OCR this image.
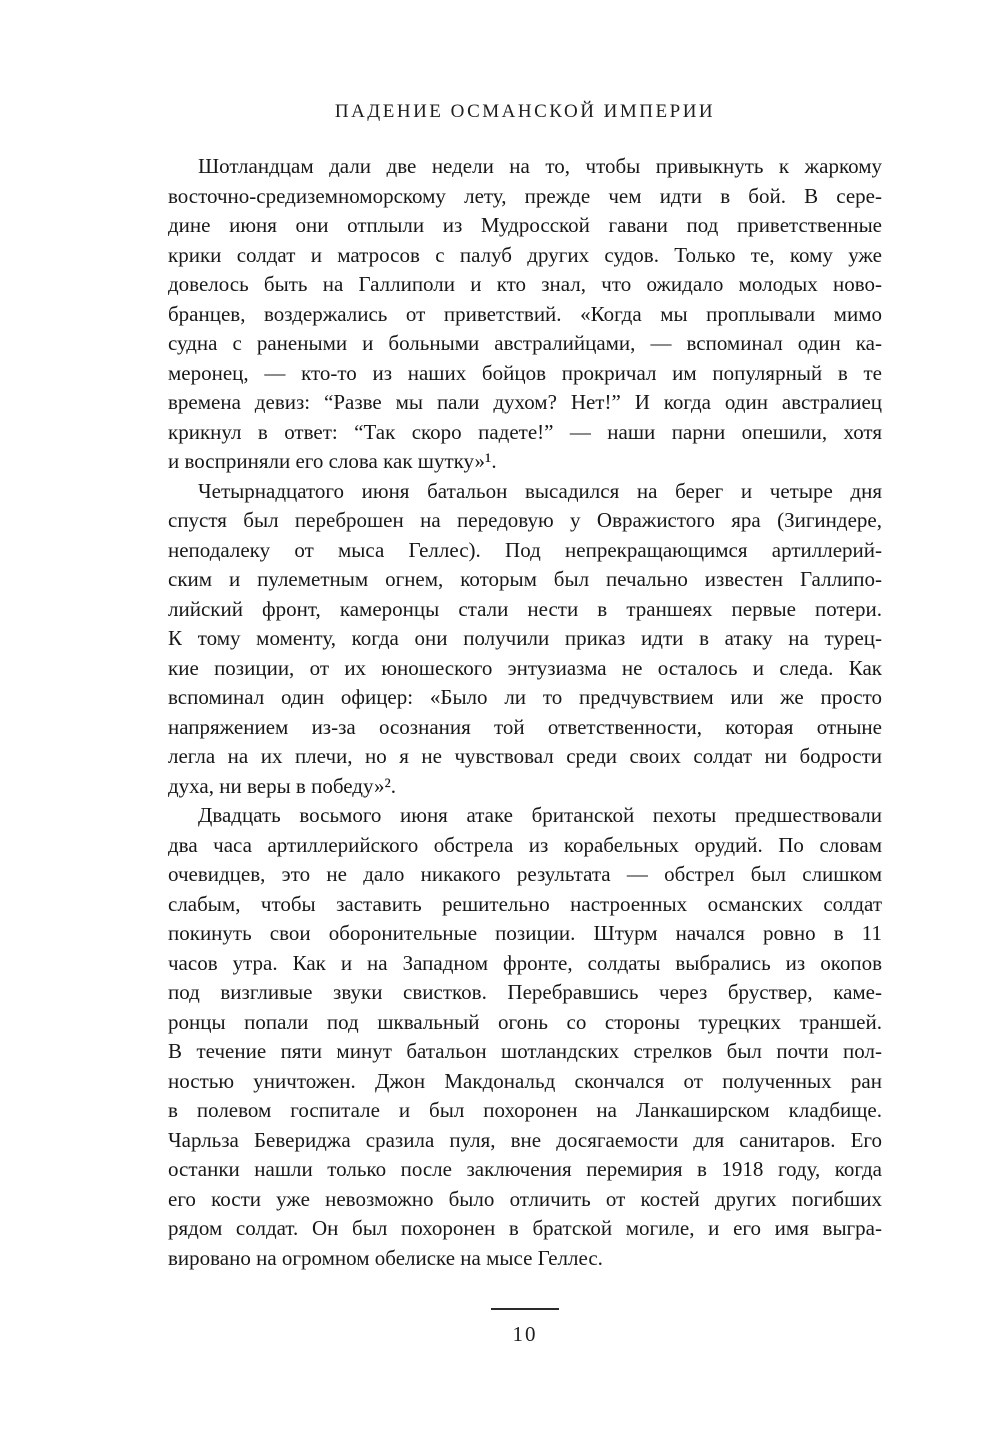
ПАДЕНИЕ ОСМАНСКОЙ ИМПЕРИИ

Шотландцам дали две недели на то, чтобы привыкнуть к жаркому
восточно-средиземноморскому лету, прежде чем идти в бой. В сере-
дине июня они отплыли из Мудросской гавани под приветственные
крики солдат и матросов с палуб других судов. Только те, кому уже
довелось быть на Галлиполи и кто знал, что ожидало молодых ново-
бранцев, воздержались от приветствий. «Когда мы проплывали мимо
судна с ранеными и больными австралийцами, — вспоминал один ка-
меронец, — кто-то из наших бойцов прокричал им популярный в те
времена девиз: “Разве мы пали духом? Нет!” И когда один австралиец
крикнул в ответ: “Так скоро падете!” — наши парни опешили, хотя
и восприняли его слова как шутку»¹.

Четырнадцатого июня батальон высадился на берег и четыре дня
спустя был переброшен на передовую у Овражистого яра (Зигиндере,
неподалеку от мыса Геллес). Под непрекращающимся артиллерий-
ским и пулеметным огнем, которым был печально известен Галлипо-
лийский фронт, камеронцы стали нести в траншеях первые потери.
К тому моменту, когда они получили приказ идти в атаку на турец-
кие позиции, от их юношеского энтузиазма не осталось и следа. Как
вспоминал один офицер: «Было ли то предчувствием или же просто
напряжением из-за осознания той ответственности, которая отныне
легла на их плечи, но я не чувствовал среди своих солдат ни бодрости
духа, ни веры в победу»².

Двадцать восьмого июня атаке британской пехоты предшествовали
два часа артиллерийского обстрела из корабельных орудий. По словам
очевидцев, это не дало никакого результата — обстрел был слишком
слабым, чтобы заставить решительно настроенных османских солдат
покинуть свои оборонительные позиции. Штурм начался ровно в 11
часов утра. Как и на Западном фронте, солдаты выбрались из окопов
под визгливые звуки свистков. Перебравшись через бруствер, каме-
ронцы попали под шквальный огонь со стороны турецких траншей.
В течение пяти минут батальон шотландских стрелков был почти пол-
ностью уничтожен. Джон Макдональд скончался от полученных ран
в полевом госпитале и был похоронен на Ланкаширском кладбище.
Чарльза Бевериджа сразила пуля, вне досягаемости для санитаров. Его
останки нашли только после заключения перемирия в 1918 году, когда
его кости уже невозможно было отличить от костей других погибших
рядом солдат. Он был похоронен в братской могиле, и его имя выгра-
вировано на огромном обелиске на мысе Геллес.

10
